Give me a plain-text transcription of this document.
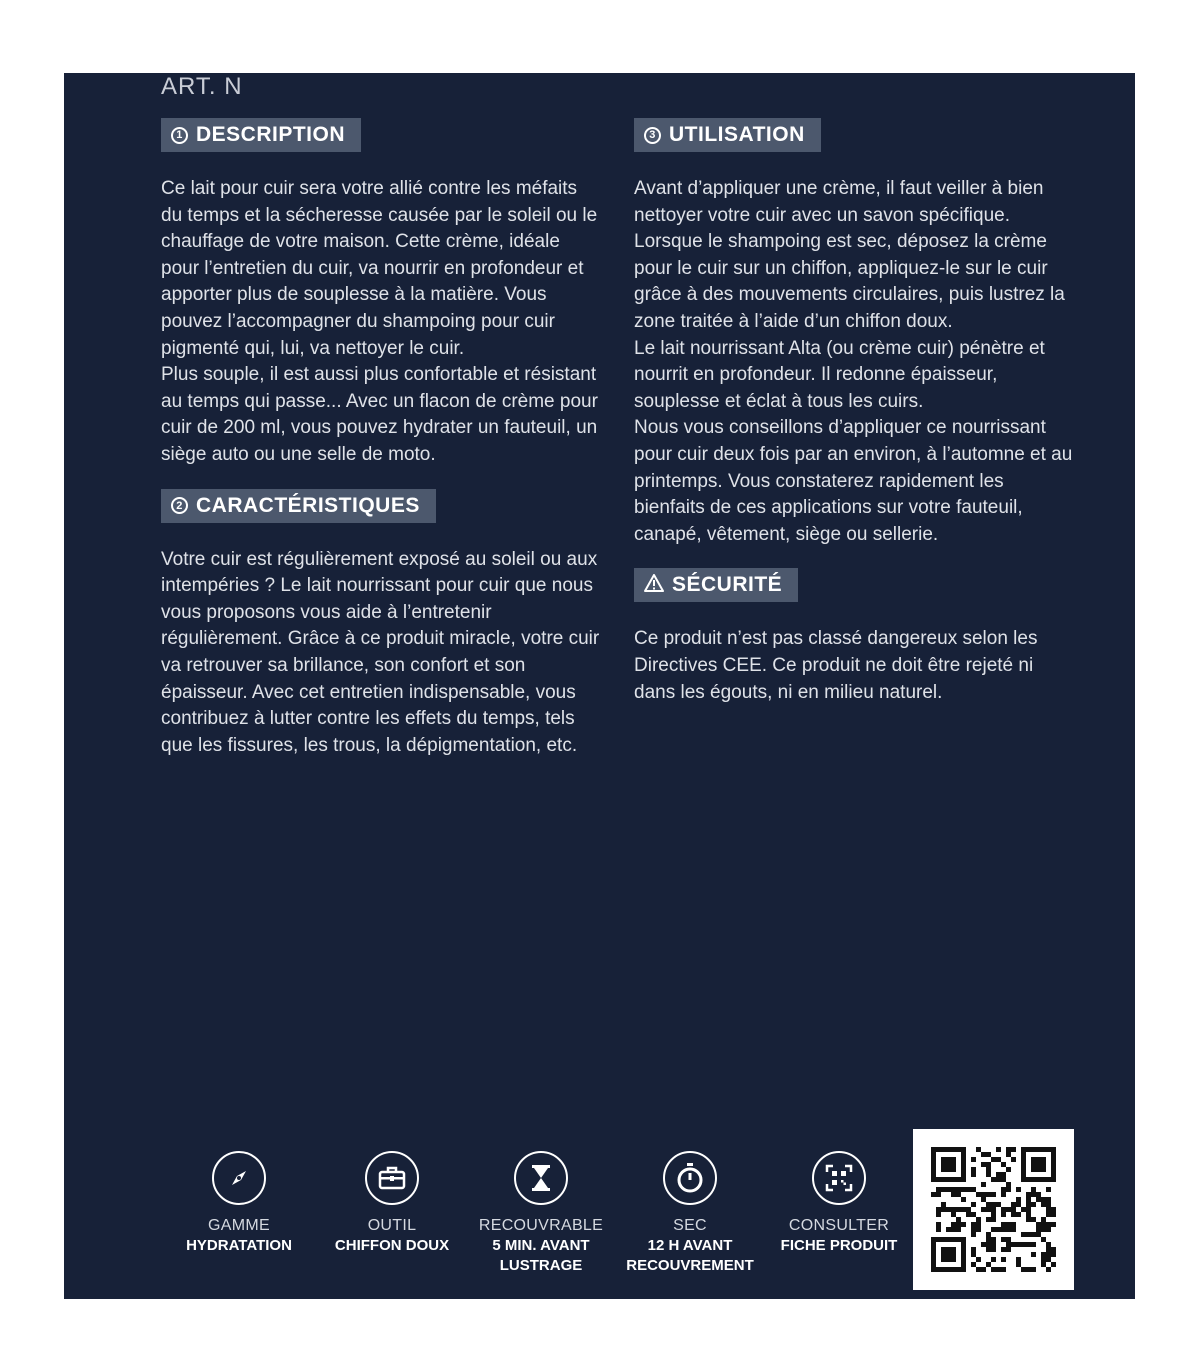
ART. N
1 DESCRIPTION

Ce lait pour cuir sera votre allié contre les méfaits du temps et la sécheresse causée par le soleil ou le chauffage de votre maison. Cette crème, idéale pour l’entretien du cuir, va nourrir en profondeur et apporter plus de souplesse à la matière. Vous pouvez l’accompagner du shampoing pour cuir pigmenté qui, lui, va nettoyer le cuir.

Plus souple, il est aussi plus confortable et résistant au temps qui passe... Avec un flacon de crème pour cuir de 200 ml, vous pouvez hydrater un fauteuil, un siège auto ou une selle de moto.

2 CARACTÉRISTIQUES

Votre cuir est régulièrement exposé au soleil ou aux intempéries ? Le lait nourrissant pour cuir que nous vous proposons vous aide à l’entretenir régulièrement. Grâce à ce produit miracle, votre cuir va retrouver sa brillance, son confort et son épaisseur. Avec cet entretien indispensable, vous contribuez à lutter contre les effets du temps, tels que les fissures, les trous, la dépigmentation, etc.

3 UTILISATION

Avant d’appliquer une crème, il faut veiller à bien nettoyer votre cuir avec un savon spécifique. Lorsque le shampoing est sec, déposez la crème pour le cuir sur un chiffon, appliquez-le sur le cuir grâce à des mouvements circulaires, puis lustrez la zone traitée à l’aide d’un chiffon doux.

Le lait nourrissant Alta (ou crème cuir) pénètre et nourrit en profondeur. Il redonne épaisseur, souplesse et éclat à tous les cuirs.

Nous vous conseillons d’appliquer ce nourrissant pour cuir deux fois par an environ, à l’automne et au printemps. Vous constaterez rapidement les bienfaits de ces applications sur votre fauteuil, canapé, vêtement, siège ou sellerie.

SÉCURITÉ

Ce produit n’est pas classé dangereux selon les Directives CEE. Ce produit ne doit être rejeté ni dans les égouts, ni en milieu naturel.

GAMME
HYDRATATION
OUTIL
CHIFFON DOUX
RECOUVRABLE
5 MIN. AVANT LUSTRAGE
SEC
12 H AVANT RECOUVREMENT
CONSULTER
FICHE PRODUIT
